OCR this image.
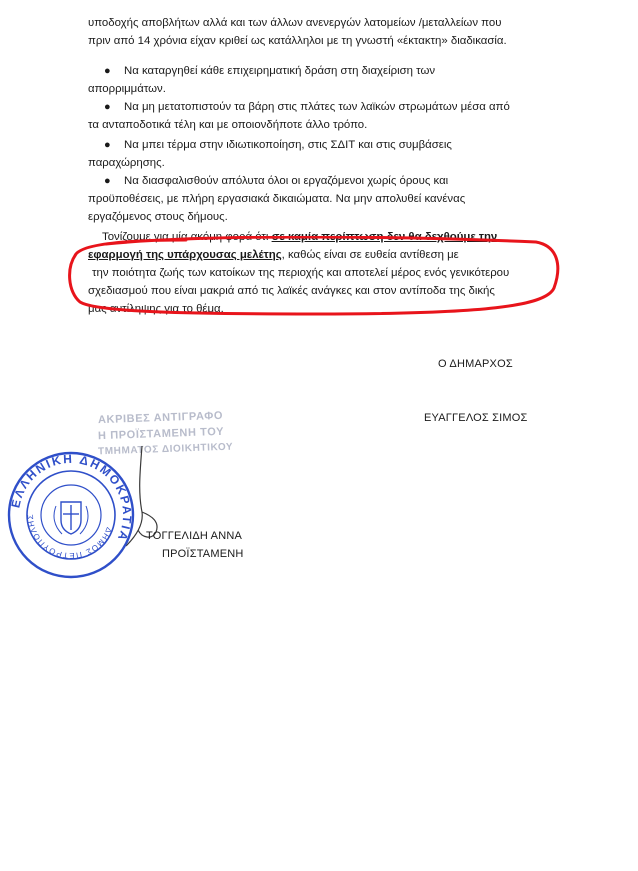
υποδοχής αποβλήτων αλλά και των άλλων ανενεργών λατομείων /μεταλλείων που

πριν από 14 χρόνια είχαν κριθεί ως κατάλληλοι με τη γνωστή «έκτακτη» διαδικασία.

●	Να καταργηθεί κάθε επιχειρηματική δράση στη διαχείριση των
απορριμμάτων.
●	Να μη μετατοπιστούν τα βάρη στις πλάτες των λαϊκών στρωμάτων μέσα από
τα ανταποδοτικά τέλη και με οποιονδήποτε άλλο τρόπο.
●	Να μπει τέρμα στην ιδιωτικοποίηση, στις ΣΔΙΤ και στις συμβάσεις
παραχώρησης.
●	Να διασφαλισθούν απόλυτα όλοι οι εργαζόμενοι χωρίς όρους και
προϋποθέσεις, με πλήρη εργασιακά δικαιώματα. Να μην απολυθεί κανένας
εργαζόμενος στους δήμους.

Τονίζουμε για μία ακόμη φορά ότι σε καμία περίπτωση δεν θα δεχθούμε την

εφαρμογή της υπάρχουσας μελέτης, καθώς είναι σε ευθεία αντίθεση με

την ποιότητα ζωής των κατοίκων της περιοχής και αποτελεί μέρος ενός γενικότερου

σχεδιασμού που είναι μακριά από τις λαϊκές ανάγκες και στον αντίποδα της δικής

μας αντίληψης για το θέμα.

Ο ΔΗΜΑΡΧΟΣ
ΕΥΑΓΓΕΛΟΣ ΣΙΜΟΣ
ΑΚΡΙΒΕΣ ΑΝΤΙΓΡΑΦΟ
Η ΠΡΟΪΣΤΑΜΕΝΗ ΤΟΥ
ΤΜΗΜΑΤΟΣ ΔΙΟΙΚΗΤΙΚΟΥ
ΤΟΓΓΕΛΙΔΗ ΑΝΝΑ
ΠΡΟΪΣΤΑΜΕΝΗ
ΕΛΛΗΝΙΚΗ ΔΗΜΟΚΡΑΤΙΑ
ΔΗΜΟΣ ΠΕΤΡΟΥΠΟΛΗΣ
